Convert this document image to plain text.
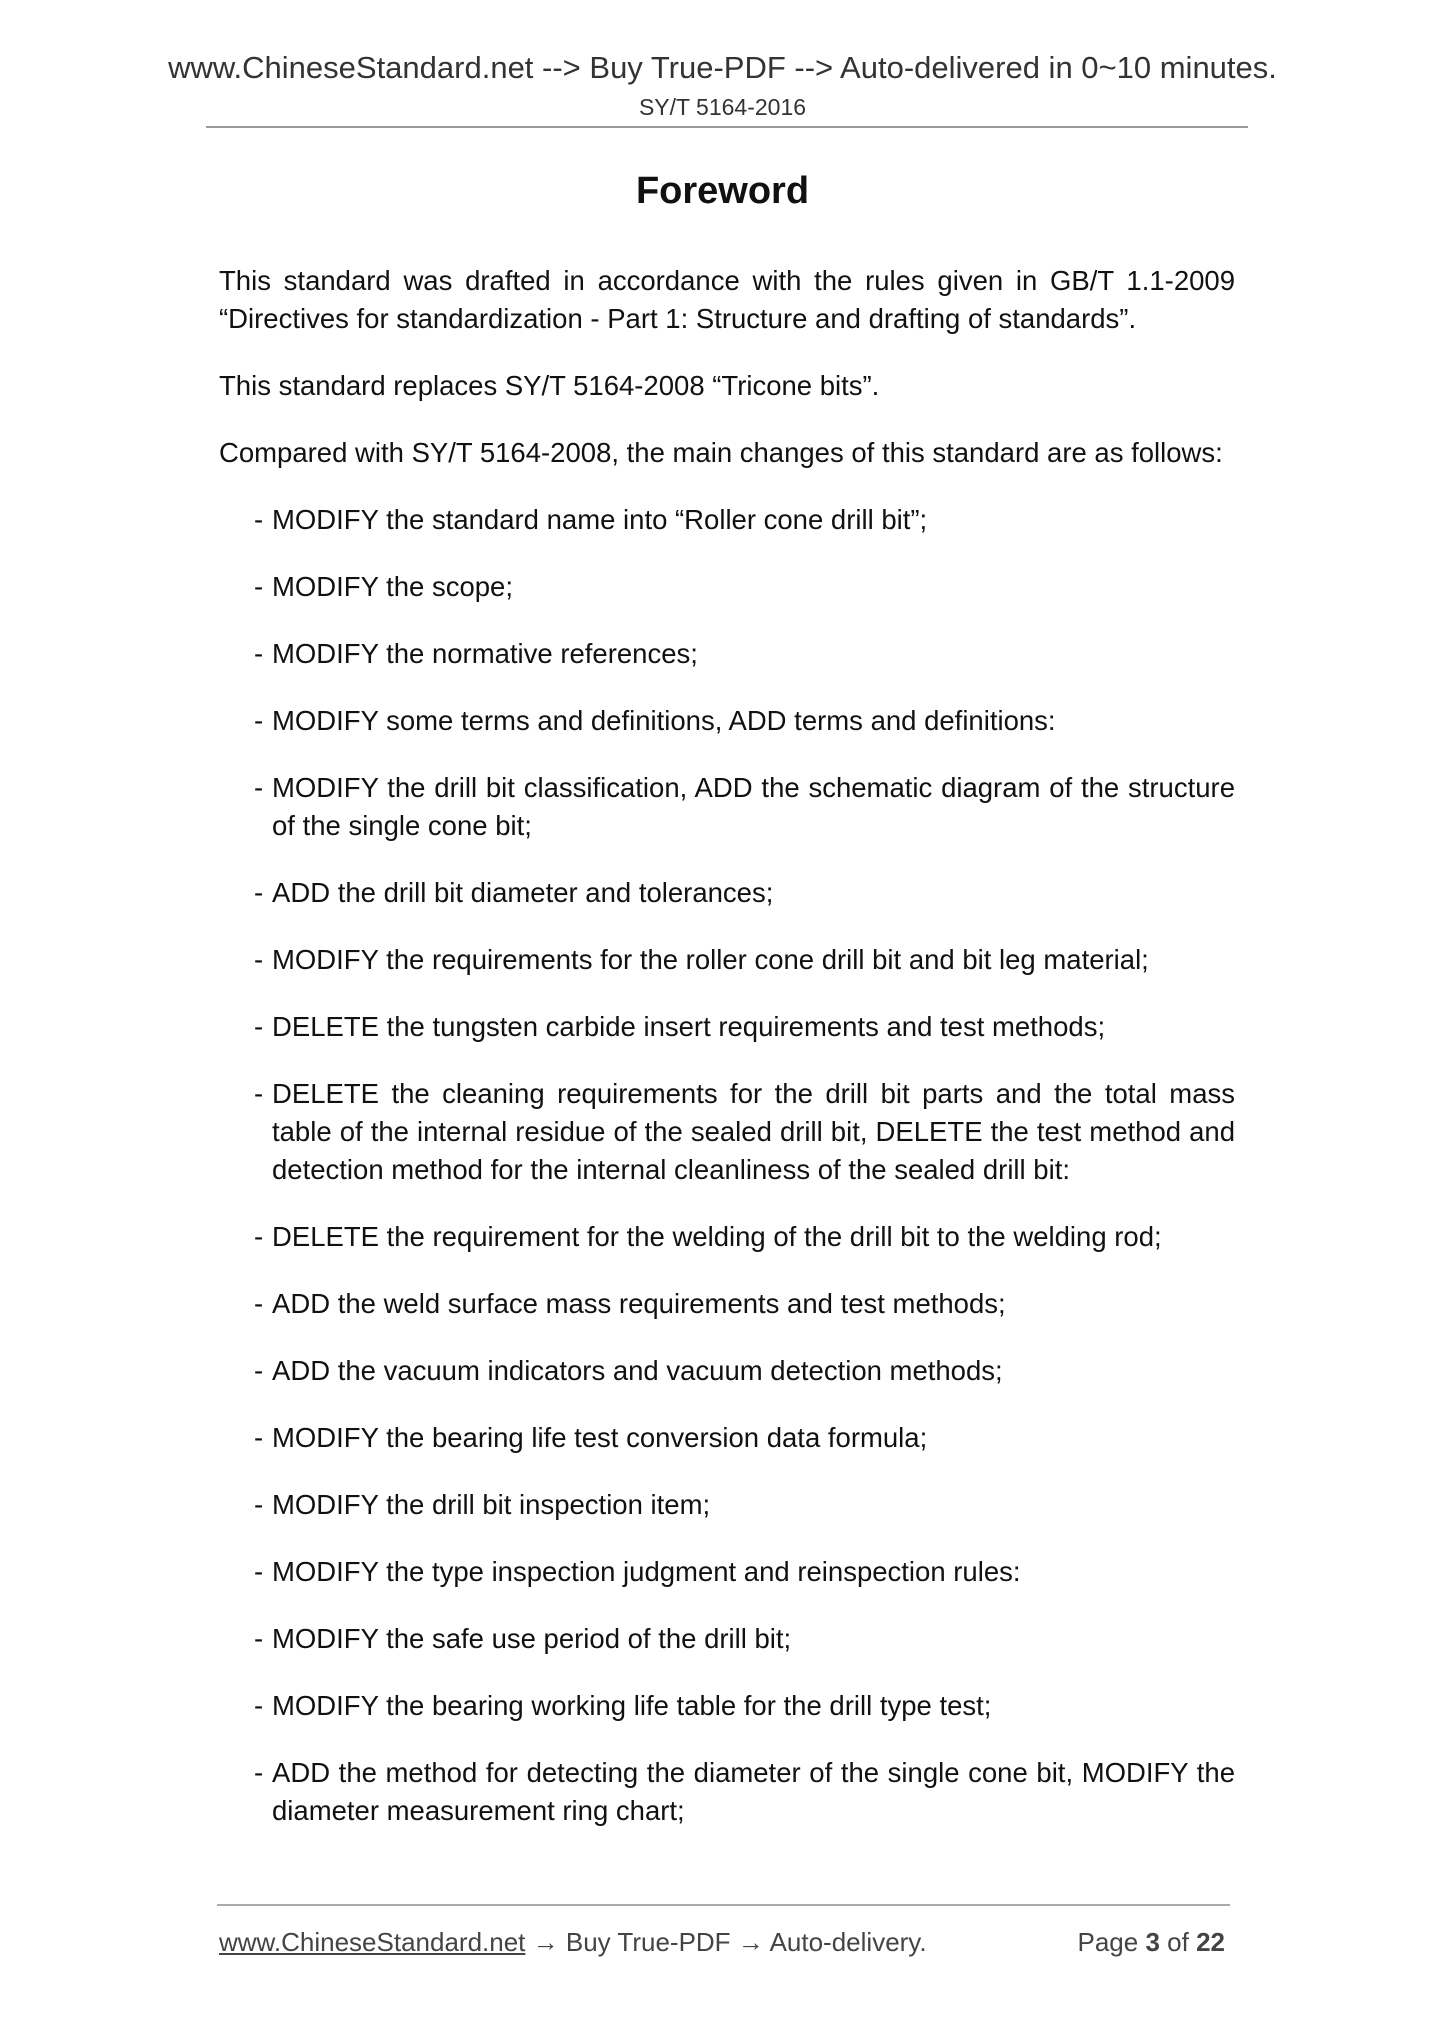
www.ChineseStandard.net --> Buy True-PDF --> Auto-delivered in 0~10 minutes.
SY/T 5164-2016
Foreword

This standard was drafted in accordance with the rules given in GB/T 1.1-2009 “Directives for standardization - Part 1: Structure and drafting of standards”.

This standard replaces SY/T 5164-2008 “Tricone bits”.

Compared with SY/T 5164-2008, the main changes of this standard are as follows:

- MODIFY the standard name into “Roller cone drill bit”;
- MODIFY the scope;
- MODIFY the normative references;
- MODIFY some terms and definitions, ADD terms and definitions:
- MODIFY the drill bit classification, ADD the schematic diagram of the structure of the single cone bit;
- ADD the drill bit diameter and tolerances;
- MODIFY the requirements for the roller cone drill bit and bit leg material;
- DELETE the tungsten carbide insert requirements and test methods;
- DELETE the cleaning requirements for the drill bit parts and the total mass table of the internal residue of the sealed drill bit, DELETE the test method and detection method for the internal cleanliness of the sealed drill bit:
- DELETE the requirement for the welding of the drill bit to the welding rod;
- ADD the weld surface mass requirements and test methods;
- ADD the vacuum indicators and vacuum detection methods;
- MODIFY the bearing life test conversion data formula;
- MODIFY the drill bit inspection item;
- MODIFY the type inspection judgment and reinspection rules:
- MODIFY the safe use period of the drill bit;
- MODIFY the bearing working life table for the drill type test;
- ADD the method for detecting the diameter of the single cone bit, MODIFY the diameter measurement ring chart;
www.ChineseStandard.net → Buy True-PDF → Auto-delivery.	Page 3 of 22
